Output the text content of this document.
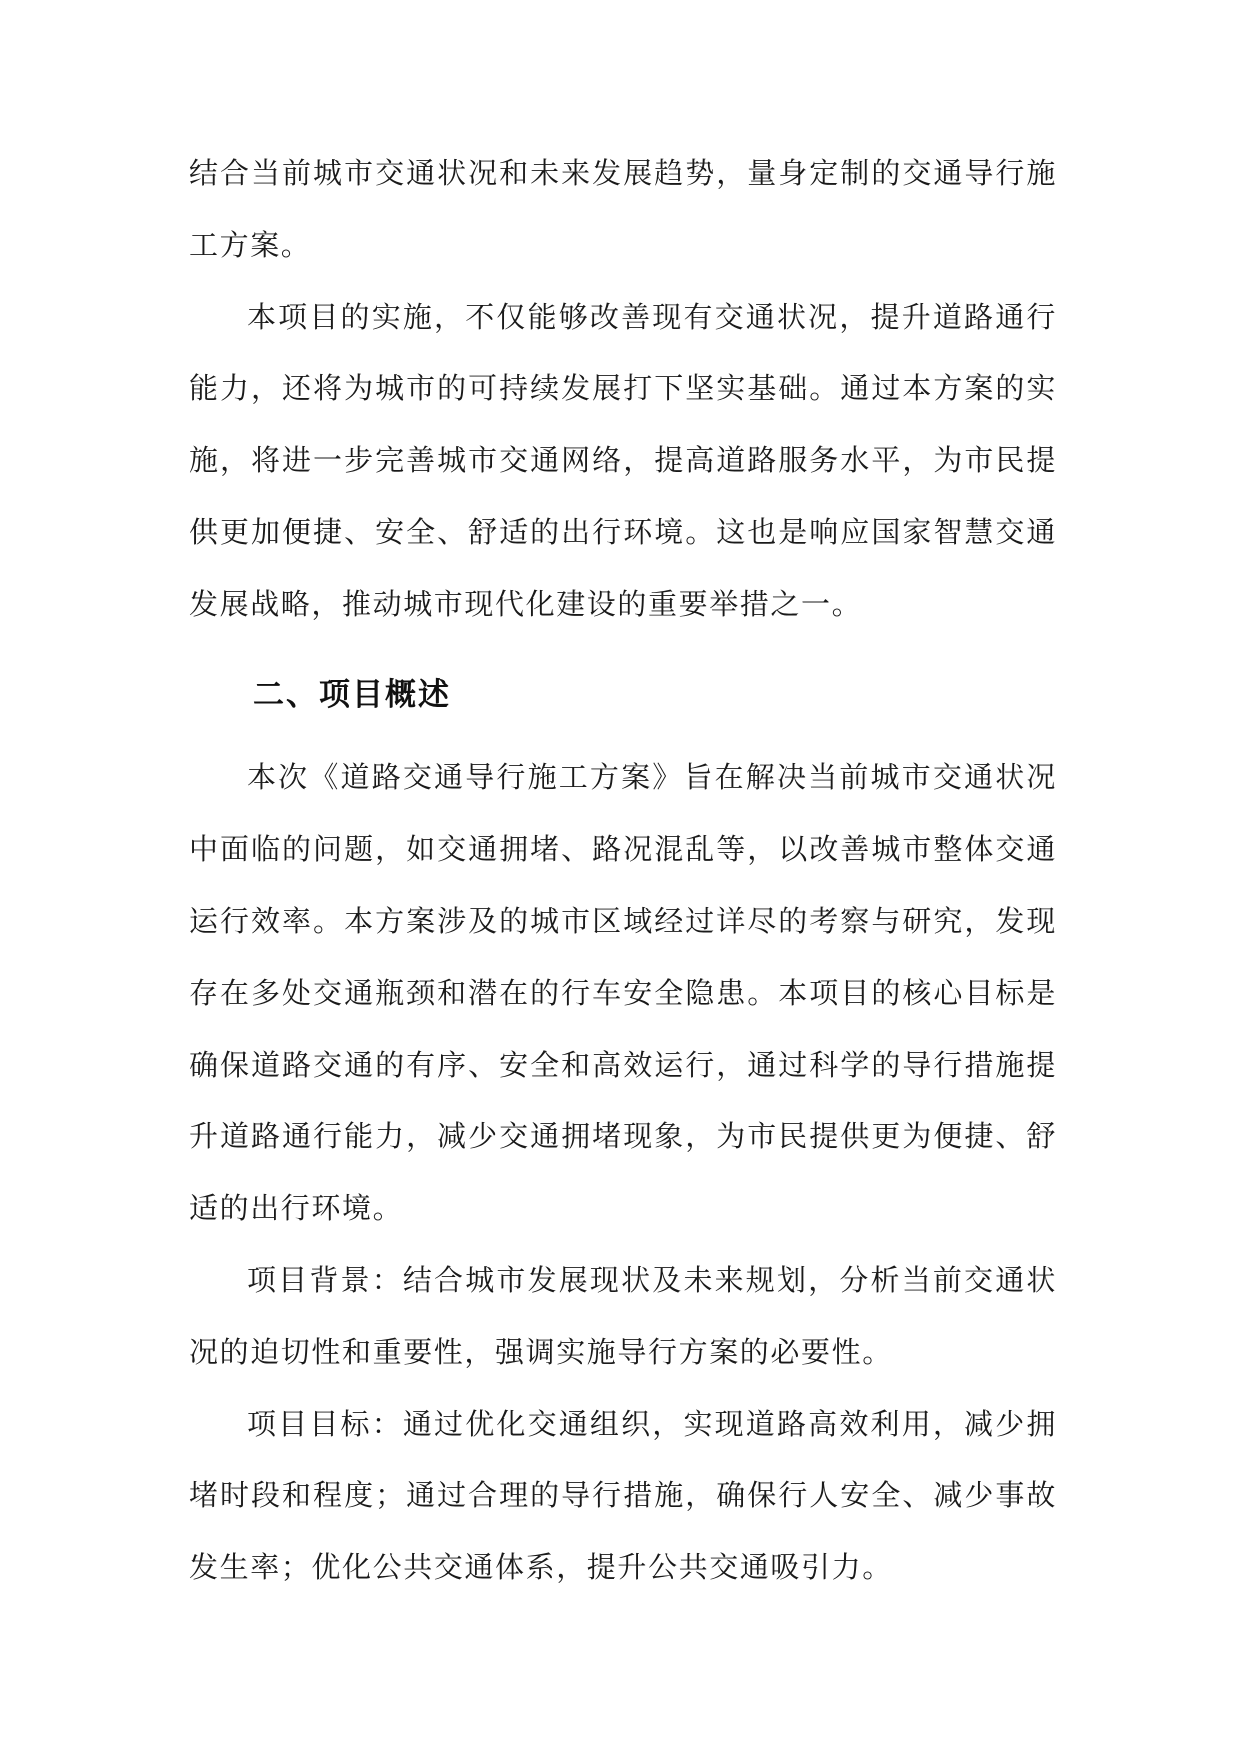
结合当前城市交通状况和未来发展趋势，量身定制的交通导行施工方案。

本项目的实施，不仅能够改善现有交通状况，提升道路通行能力，还将为城市的可持续发展打下坚实基础。通过本方案的实施，将进一步完善城市交通网络，提高道路服务水平，为市民提供更加便捷、安全、舒适的出行环境。这也是响应国家智慧交通发展战略，推动城市现代化建设的重要举措之一。

二、项目概述

本次《道路交通导行施工方案》旨在解决当前城市交通状况中面临的问题，如交通拥堵、路况混乱等，以改善城市整体交通运行效率。本方案涉及的城市区域经过详尽的考察与研究，发现存在多处交通瓶颈和潜在的行车安全隐患。本项目的核心目标是确保道路交通的有序、安全和高效运行，通过科学的导行措施提升道路通行能力，减少交通拥堵现象，为市民提供更为便捷、舒适的出行环境。

项目背景：结合城市发展现状及未来规划，分析当前交通状况的迫切性和重要性，强调实施导行方案的必要性。

项目目标：通过优化交通组织，实现道路高效利用，减少拥堵时段和程度；通过合理的导行措施，确保行人安全、减少事故发生率；优化公共交通体系，提升公共交通吸引力。
